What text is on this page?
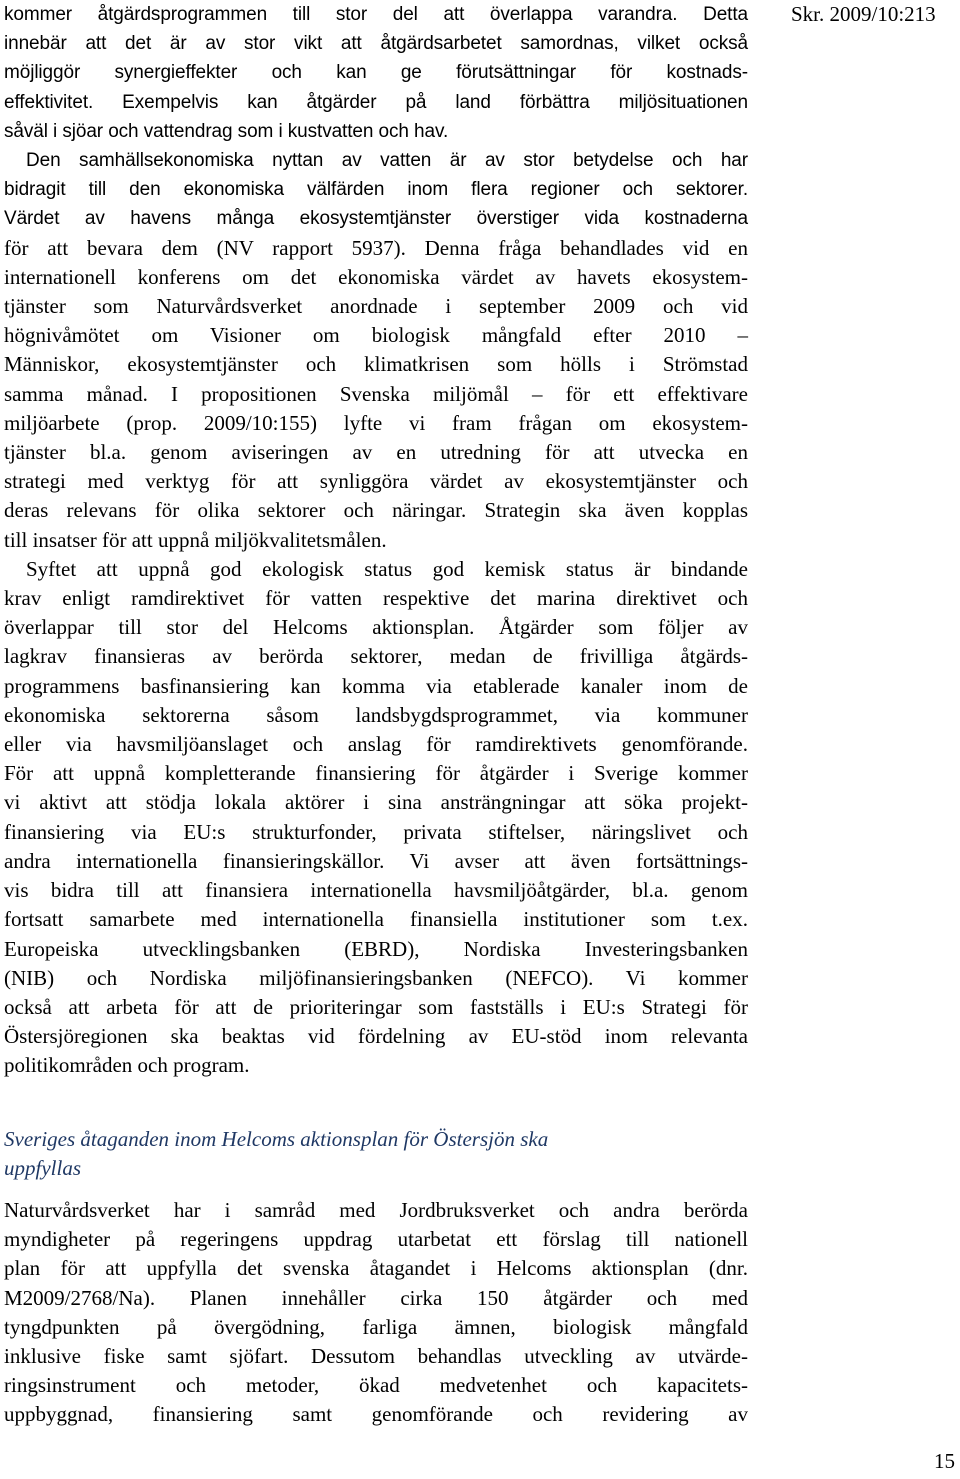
Skr. 2009/10:213
kommer åtgärdsprogrammen till stor del att överlappa varandra. Detta
innebär att det är av stor vikt att åtgärdsarbetet samordnas, vilket också
möjliggör synergieffekter och kan ge förutsättningar för kostnads-
effektivitet. Exempelvis kan åtgärder på land förbättra miljösituationen
såväl i sjöar och vattendrag som i kustvatten och hav.
Den samhällsekonomiska nyttan av vatten är av stor betydelse och har
bidragit till den ekonomiska välfärden inom flera regioner och sektorer.
Värdet av havens många ekosystemtjänster överstiger vida kostnaderna
för att bevara dem (NV rapport 5937). Denna fråga behandlades vid en
internationell konferens om det ekonomiska värdet av havets ekosystem-
tjänster som Naturvårdsverket anordnade i september 2009 och vid
högnivåmötet om Visioner om biologisk mångfald efter 2010 –
Människor, ekosystemtjänster och klimatkrisen som hölls i Strömstad
samma månad. I propositionen Svenska miljömål – för ett effektivare
miljöarbete (prop. 2009/10:155) lyfte vi fram frågan om ekosystem-
tjänster bl.a. genom aviseringen av en utredning för att utvecka en
strategi med verktyg för att synliggöra värdet av ekosystemtjänster och
deras relevans för olika sektorer och näringar. Strategin ska även kopplas
till insatser för att uppnå miljökvalitetsmålen.
Syftet att uppnå god ekologisk status god kemisk status är bindande
krav enligt ramdirektivet för vatten respektive det marina direktivet och
överlappar till stor del Helcoms aktionsplan. Åtgärder som följer av
lagkrav finansieras av berörda sektorer, medan de frivilliga åtgärds-
programmens basfinansiering kan komma via etablerade kanaler inom de
ekonomiska sektorerna såsom landsbygdsprogrammet, via kommuner
eller via havsmiljöanslaget och anslag för ramdirektivets genomförande.
För att uppnå kompletterande finansiering för åtgärder i Sverige kommer
vi aktivt att stödja lokala aktörer i sina ansträngningar att söka projekt-
finansiering via EU:s strukturfonder, privata stiftelser, näringslivet och
andra internationella finansieringskällor. Vi avser att även fortsättnings-
vis bidra till att finansiera internationella havsmiljöåtgärder, bl.a. genom
fortsatt samarbete med internationella finansiella institutioner som t.ex.
Europeiska utvecklingsbanken (EBRD), Nordiska Investeringsbanken
(NIB) och Nordiska miljöfinansieringsbanken (NEFCO). Vi kommer
också att arbeta för att de prioriteringar som fastställs i EU:s Strategi för
Östersjöregionen ska beaktas vid fördelning av EU-stöd inom relevanta
politikområden och program.
Sveriges åtaganden inom Helcoms aktionsplan för Östersjön ska
uppfyllas
Naturvårdsverket har i samråd med Jordbruksverket och andra berörda
myndigheter på regeringens uppdrag utarbetat ett förslag till nationell
plan för att uppfylla det svenska åtagandet i Helcoms aktionsplan (dnr.
M2009/2768/Na). Planen innehåller cirka 150 åtgärder och med
tyngdpunkten på övergödning, farliga ämnen, biologisk mångfald
inklusive fiske samt sjöfart. Dessutom behandlas utveckling av utvärde-
ringsinstrument och metoder, ökad medvetenhet och kapacitets-
uppbyggnad, finansiering samt genomförande och revidering av
15
